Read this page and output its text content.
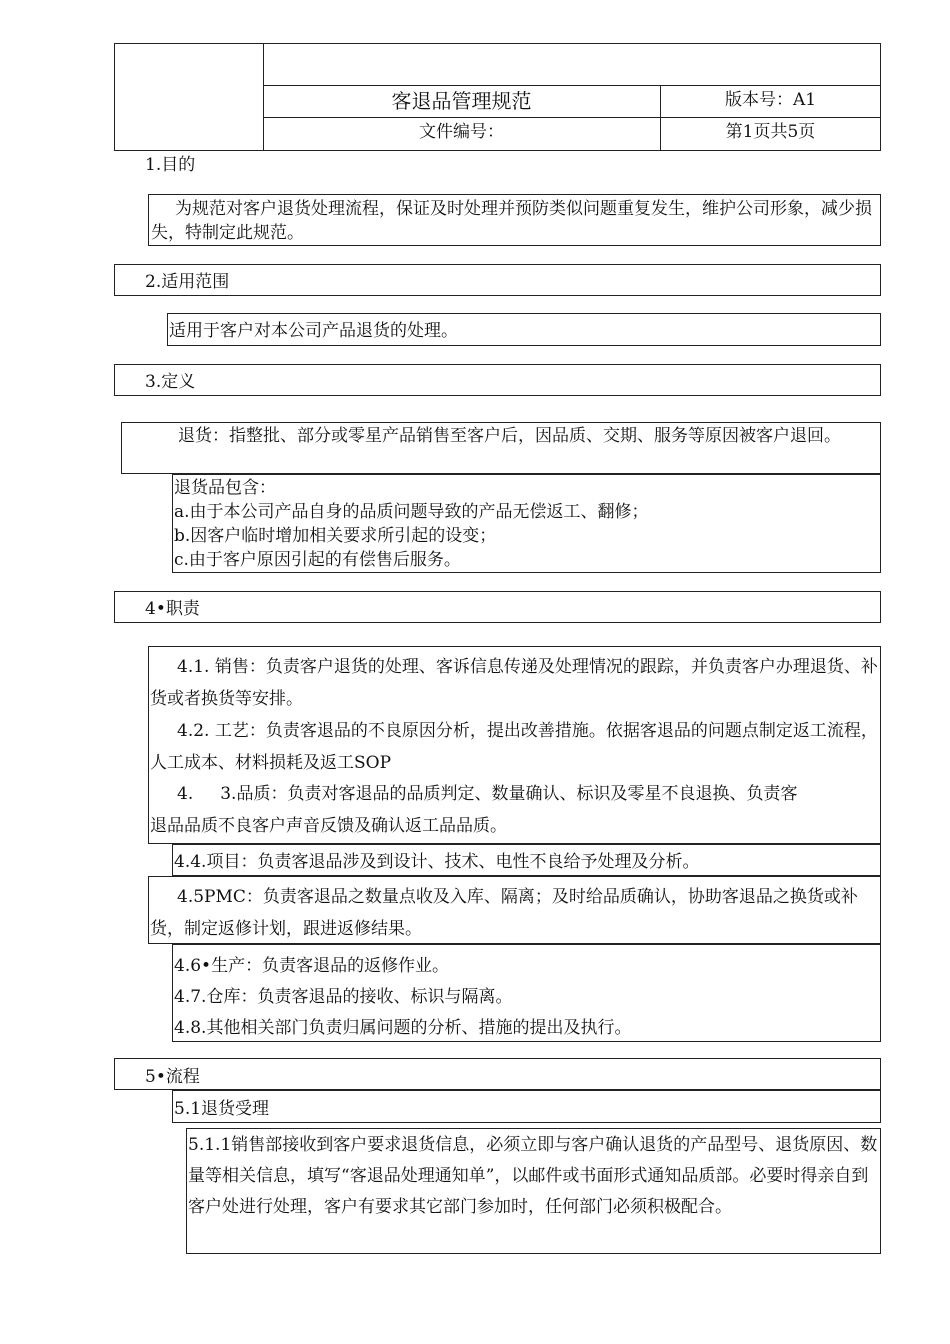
客退品管理规范	版本号：A1
文件编号：	第1页共5页
1.目的
为规范对客户退货处理流程，保证及时处理并预防类似问题重复发生，维护公司形象，减少损失，特制定此规范。
2.适用范围
适用于客户对本公司产品退货的处理。
3.定义
退货：指整批、部分或零星产品销售至客户后，因品质、交期、服务等原因被客户退回。
退货品包含：
a.由于本公司产品自身的品质问题导致的产品无偿返工、翻修；
b.因客户临时增加相关要求所引起的设变；
c.由于客户原因引起的有偿售后服务。
4•职责
4.1. 销售：负责客户退货的处理、客诉信息传递及处理情况的跟踪，并负责客户办理退货、补货或者换货等安排。
4.2. 工艺：负责客退品的不良原因分析，提出改善措施。依据客退品的问题点制定返工流程，人工成本、材料损耗及返工SOP
4.     3.品质：负责对客退品的品质判定、数量确认、标识及零星不良退换、负责客
退品品质不良客户声音反馈及确认返工品品质。
4.4.项目：负责客退品涉及到设计、技术、电性不良给予处理及分析。
4.5PMC：负责客退品之数量点收及入库、隔离；及时给品质确认，协助客退品之换货或补货，制定返修计划，跟进返修结果。
4.6•生产：负责客退品的返修作业。
4.7.仓库：负责客退品的接收、标识与隔离。
4.8.其他相关部门负责归属问题的分析、措施的提出及执行。
5•流程
5.1退货受理
5.1.1销售部接收到客户要求退货信息，必须立即与客户确认退货的产品型号、退货原因、数量等相关信息，填写“客退品处理通知单”，以邮件或书面形式通知品质部。必要时得亲自到客户处进行处理，客户有要求其它部门参加时，任何部门必须积极配合。
